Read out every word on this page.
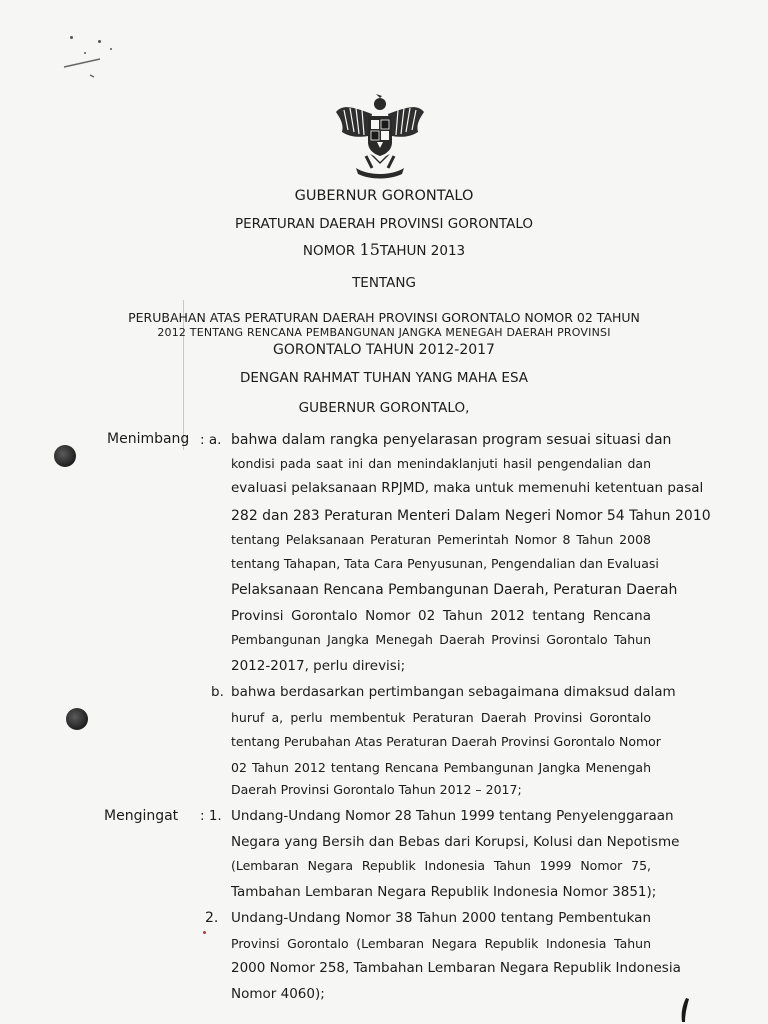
GUBERNUR GORONTALO
PERATURAN DAERAH PROVINSI GORONTALO
NOMOR 15TAHUN 2013
TENTANG
PERUBAHAN ATAS PERATURAN DAERAH PROVINSI GORONTALO NOMOR 02 TAHUN
2012 TENTANG RENCANA PEMBANGUNAN JANGKA MENEGAH DAERAH PROVINSI
GORONTALO TAHUN 2012-2017
DENGAN RAHMAT TUHAN YANG MAHA ESA
GUBERNUR GORONTALO,
Menimbang : a. bahwa dalam rangka penyelarasan program sesuai situasi dan
kondisi pada saat ini dan menindaklanjuti hasil pengendalian dan
evaluasi pelaksanaan RPJMD, maka untuk memenuhi ketentuan pasal
282 dan 283 Peraturan Menteri Dalam Negeri Nomor 54 Tahun 2010
tentang Pelaksanaan Peraturan Pemerintah Nomor 8 Tahun 2008
tentang Tahapan, Tata Cara Penyusunan, Pengendalian dan Evaluasi
Pelaksanaan Rencana Pembangunan Daerah, Peraturan Daerah
Provinsi Gorontalo Nomor 02 Tahun 2012 tentang Rencana
Pembangunan Jangka Menegah Daerah Provinsi Gorontalo Tahun
2012-2017, perlu direvisi;
b. bahwa berdasarkan pertimbangan sebagaimana dimaksud dalam
huruf a, perlu membentuk Peraturan Daerah Provinsi Gorontalo
tentang Perubahan Atas Peraturan Daerah Provinsi Gorontalo Nomor
02 Tahun 2012 tentang Rencana Pembangunan Jangka Menengah
Daerah Provinsi Gorontalo Tahun 2012 – 2017;
Mengingat : 1. Undang-Undang Nomor 28 Tahun 1999 tentang Penyelenggaraan
Negara yang Bersih dan Bebas dari Korupsi, Kolusi dan Nepotisme
(Lembaran Negara Republik Indonesia Tahun 1999 Nomor 75,
Tambahan Lembaran Negara Republik Indonesia Nomor 3851);
2. Undang-Undang Nomor 38 Tahun 2000 tentang Pembentukan
Provinsi Gorontalo (Lembaran Negara Republik Indonesia Tahun
2000 Nomor 258, Tambahan Lembaran Negara Republik Indonesia
Nomor 4060);
